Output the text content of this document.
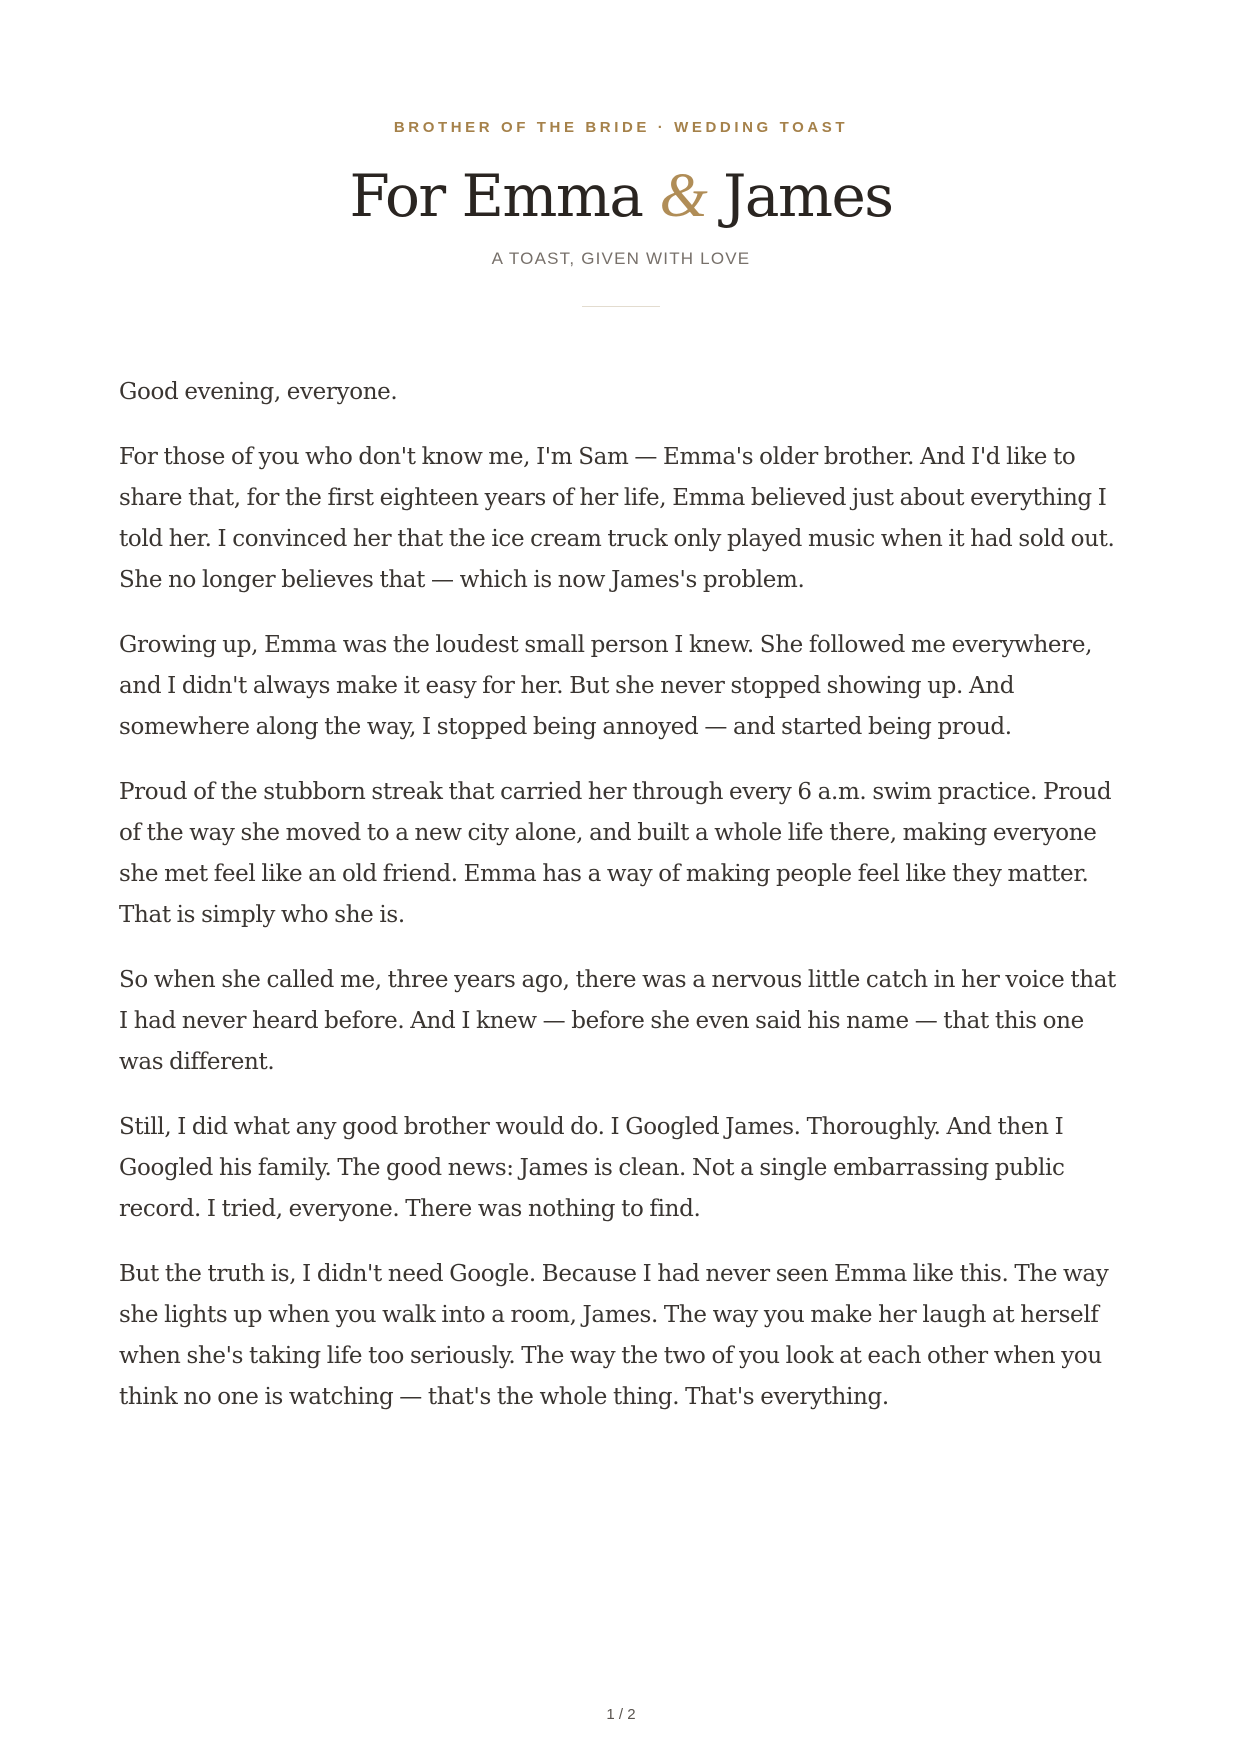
BROTHER OF THE BRIDE · WEDDING TOAST
For Emma & James
A TOAST, GIVEN WITH LOVE

Good evening, everyone.

For those of you who don't know me, I'm Sam — Emma's older brother. And I'd like to share that, for the first eighteen years of her life, Emma believed just about everything I told her. I convinced her that the ice cream truck only played music when it had sold out. She no longer believes that — which is now James's problem.

Growing up, Emma was the loudest small person I knew. She followed me everywhere, and I didn't always make it easy for her. But she never stopped showing up. And somewhere along the way, I stopped being annoyed — and started being proud.

Proud of the stubborn streak that carried her through every 6 a.m. swim practice. Proud of the way she moved to a new city alone, and built a whole life there, making everyone she met feel like an old friend. Emma has a way of making people feel like they matter. That is simply who she is.

So when she called me, three years ago, there was a nervous little catch in her voice that I had never heard before. And I knew — before she even said his name — that this one was different.

Still, I did what any good brother would do. I Googled James. Thoroughly. And then I Googled his family. The good news: James is clean. Not a single embarrassing public record. I tried, everyone. There was nothing to find.

But the truth is, I didn't need Google. Because I had never seen Emma like this. The way she lights up when you walk into a room, James. The way you make her laugh at herself when she's taking life too seriously. The way the two of you look at each other when you think no one is watching — that's the whole thing. That's everything.

1 / 2
